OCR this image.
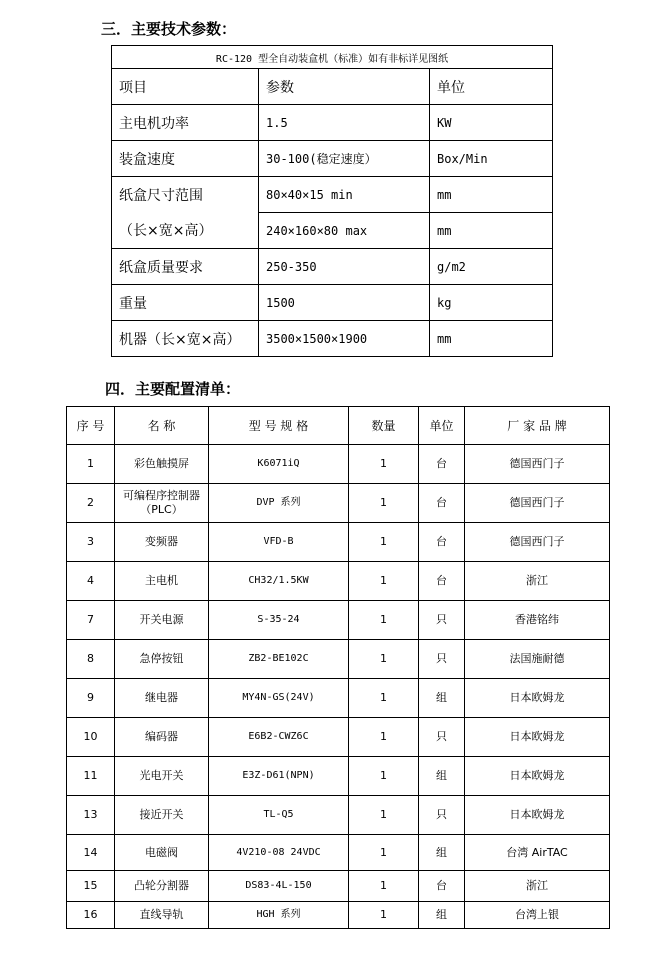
三．主要技术参数：
RC-120 型全自动装盒机（标准）如有非标详见图纸		
项目	参数	单位
主电机功率	1.5	KW
装盒速度	30-100(稳定速度）	Box/Min
纸盒尺寸范围	80×40×15 min	mm
（长×宽×高）	240×160×80 max	mm
纸盒质量要求	250-350	g/m2
重量	1500	kg
机器（长×宽×高）	3500×1500×1900	mm
四．主要配置清单：
序 号	名 称	型 号 规 格	数量	单位	厂 家 品 牌
1	彩色触摸屏	K6071iQ	1	台	德国西门子
2	可编程序控制器
（PLC）	DVP 系列	1	台	德国西门子
3	变频器	VFD-B	1	台	德国西门子
4	主电机	CH32/1.5KW	1	台	浙江
7	开关电源	S-35-24	1	只	香港铭纬
8	急停按钮	ZB2-BE102C	1	只	法国施耐德
9	继电器	MY4N-GS(24V)	1	组	日本欧姆龙
10	编码器	E6B2-CWZ6C	1	只	日本欧姆龙
11	光电开关	E3Z-D61(NPN)	1	组	日本欧姆龙
13	接近开关	TL-Q5	1	只	日本欧姆龙
14	电磁阀	4V210-08 24VDC	1	组	台湾 AirTAC
15	凸轮分割器	DS83-4L-150	1	台	浙江
16	直线导轨	HGH 系列	1	组	台湾上银
